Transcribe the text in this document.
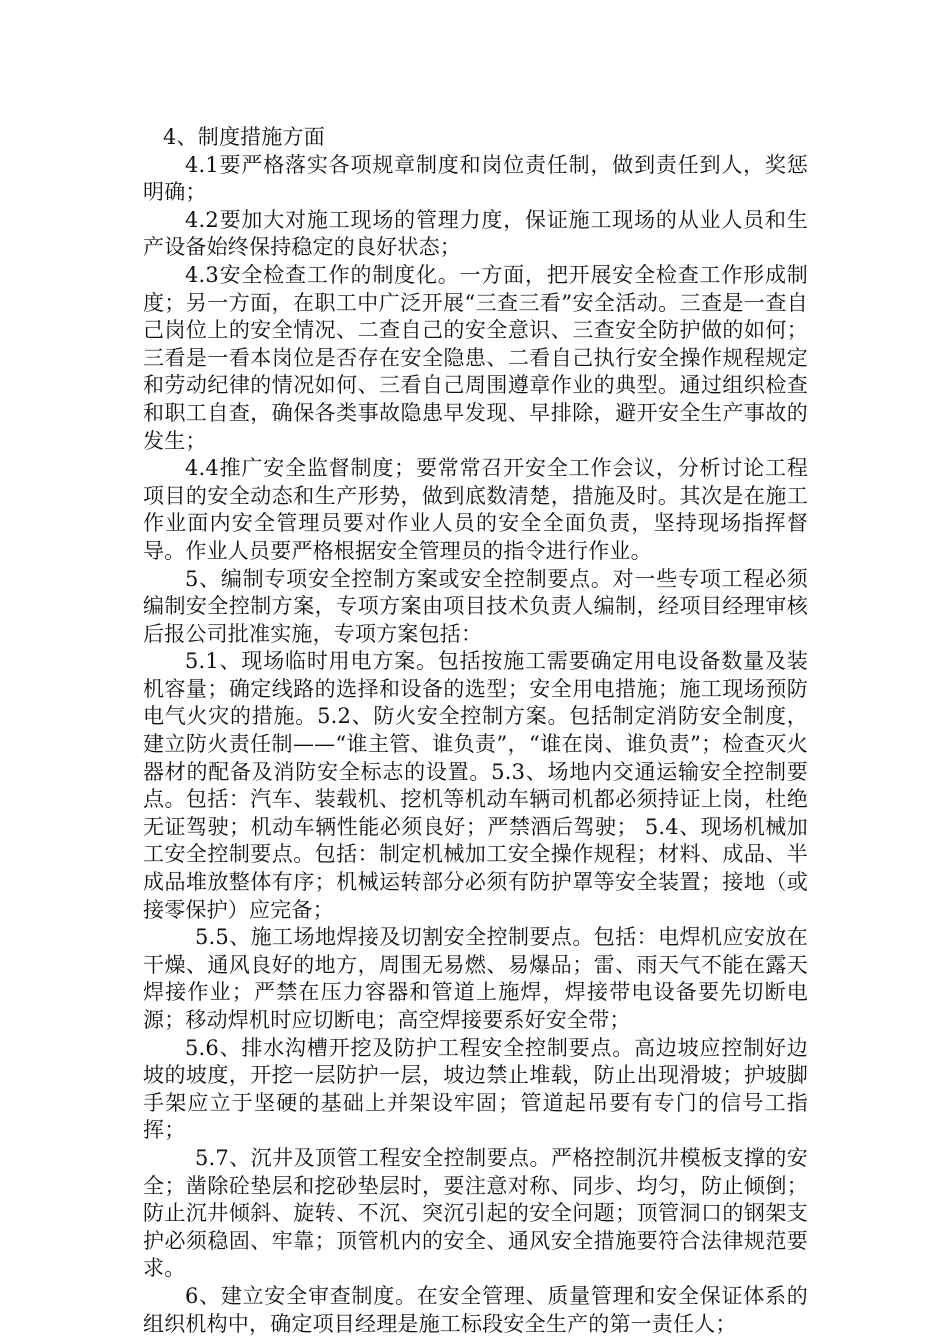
4、制度措施方面

4.1要严格落实各项规章制度和岗位责任制，做到责任到人，奖惩明确；

4.2要加大对施工现场的管理力度，保证施工现场的从业人员和生产设备始终保持稳定的良好状态；

4.3安全检查工作的制度化。一方面，把开展安全检查工作形成制度；另一方面，在职工中广泛开展“三查三看”安全活动。三查是一查自己岗位上的安全情况、二查自己的安全意识、三查安全防护做的如何；三看是一看本岗位是否存在安全隐患、二看自己执行安全操作规程规定和劳动纪律的情况如何、三看自己周围遵章作业的典型。通过组织检查和职工自查，确保各类事故隐患早发现、早排除，避开安全生产事故的发生；

4.4推广安全监督制度；要常常召开安全工作会议，分析讨论工程项目的安全动态和生产形势，做到底数清楚，措施及时。其次是在施工作业面内安全管理员要对作业人员的安全全面负责，坚持现场指挥督导。作业人员要严格根据安全管理员的指令进行作业。

5、编制专项安全控制方案或安全控制要点。对一些专项工程必须编制安全控制方案，专项方案由项目技术负责人编制，经项目经理审核后报公司批准实施，专项方案包括：

5.1、现场临时用电方案。包括按施工需要确定用电设备数量及装机容量；确定线路的选择和设备的选型；安全用电措施；施工现场预防电气火灾的措施。5.2、防火安全控制方案。包括制定消防安全制度，建立防火责任制——“谁主管、谁负责”，“谁在岗、谁负责”；检查灭火器材的配备及消防安全标志的设置。5.3、场地内交通运输安全控制要点。包括：汽车、装载机、挖机等机动车辆司机都必须持证上岗，杜绝无证驾驶；机动车辆性能必须良好；严禁酒后驾驶； 5.4、现场机械加工安全控制要点。包括：制定机械加工安全操作规程；材料、成品、半成品堆放整体有序；机械运转部分必须有防护罩等安全装置；接地（或接零保护）应完备；

5.5、施工场地焊接及切割安全控制要点。包括：电焊机应安放在干燥、通风良好的地方，周围无易燃、易爆品；雷、雨天气不能在露天焊接作业；严禁在压力容器和管道上施焊，焊接带电设备要先切断电源；移动焊机时应切断电；高空焊接要系好安全带；

5.6、排水沟槽开挖及防护工程安全控制要点。高边坡应控制好边坡的坡度，开挖一层防护一层，坡边禁止堆载，防止出现滑坡；护坡脚手架应立于坚硬的基础上并架设牢固；管道起吊要有专门的信号工指挥；

5.7、沉井及顶管工程安全控制要点。严格控制沉井模板支撑的安全；凿除砼垫层和挖砂垫层时，要注意对称、同步、均匀，防止倾倒；防止沉井倾斜、旋转、不沉、突沉引起的安全问题；顶管洞口的钢架支护必须稳固、牢靠；顶管机内的安全、通风安全措施要符合法律规范要求。

6、建立安全审查制度。在安全管理、质量管理和安全保证体系的组织机构中，确定项目经理是施工标段安全生产的第一责任人；
